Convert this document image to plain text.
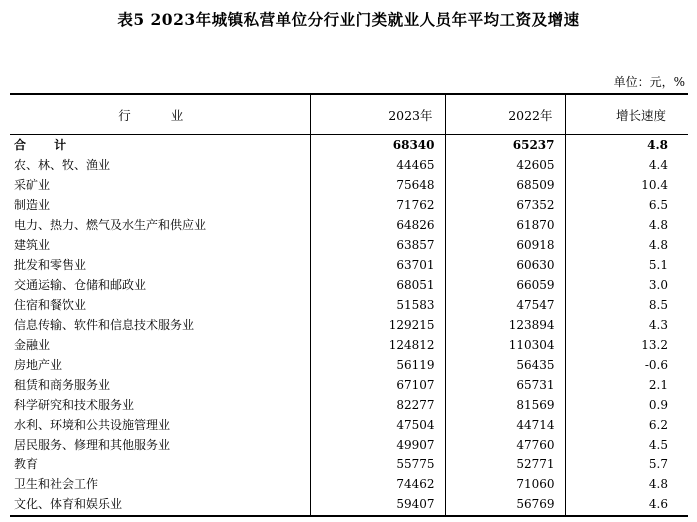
表5 2023年城镇私营单位分行业门类就业人员年平均工资及增速
单位：元，%
行 业	2023年	2022年	增长速度
合 计	68340	65237	4.8
农、林、牧、渔业	44465	42605	4.4
采矿业	75648	68509	10.4
制造业	71762	67352	6.5
电力、热力、燃气及水生产和供应业	64826	61870	4.8
建筑业	63857	60918	4.8
批发和零售业	63701	60630	5.1
交通运输、仓储和邮政业	68051	66059	3.0
住宿和餐饮业	51583	47547	8.5
信息传输、软件和信息技术服务业	129215	123894	4.3
金融业	124812	110304	13.2
房地产业	56119	56435	-0.6
租赁和商务服务业	67107	65731	2.1
科学研究和技术服务业	82277	81569	0.9
水利、环境和公共设施管理业	47504	44714	6.2
居民服务、修理和其他服务业	49907	47760	4.5
教育	55775	52771	5.7
卫生和社会工作	74462	71060	4.8
文化、体育和娱乐业	59407	56769	4.6
